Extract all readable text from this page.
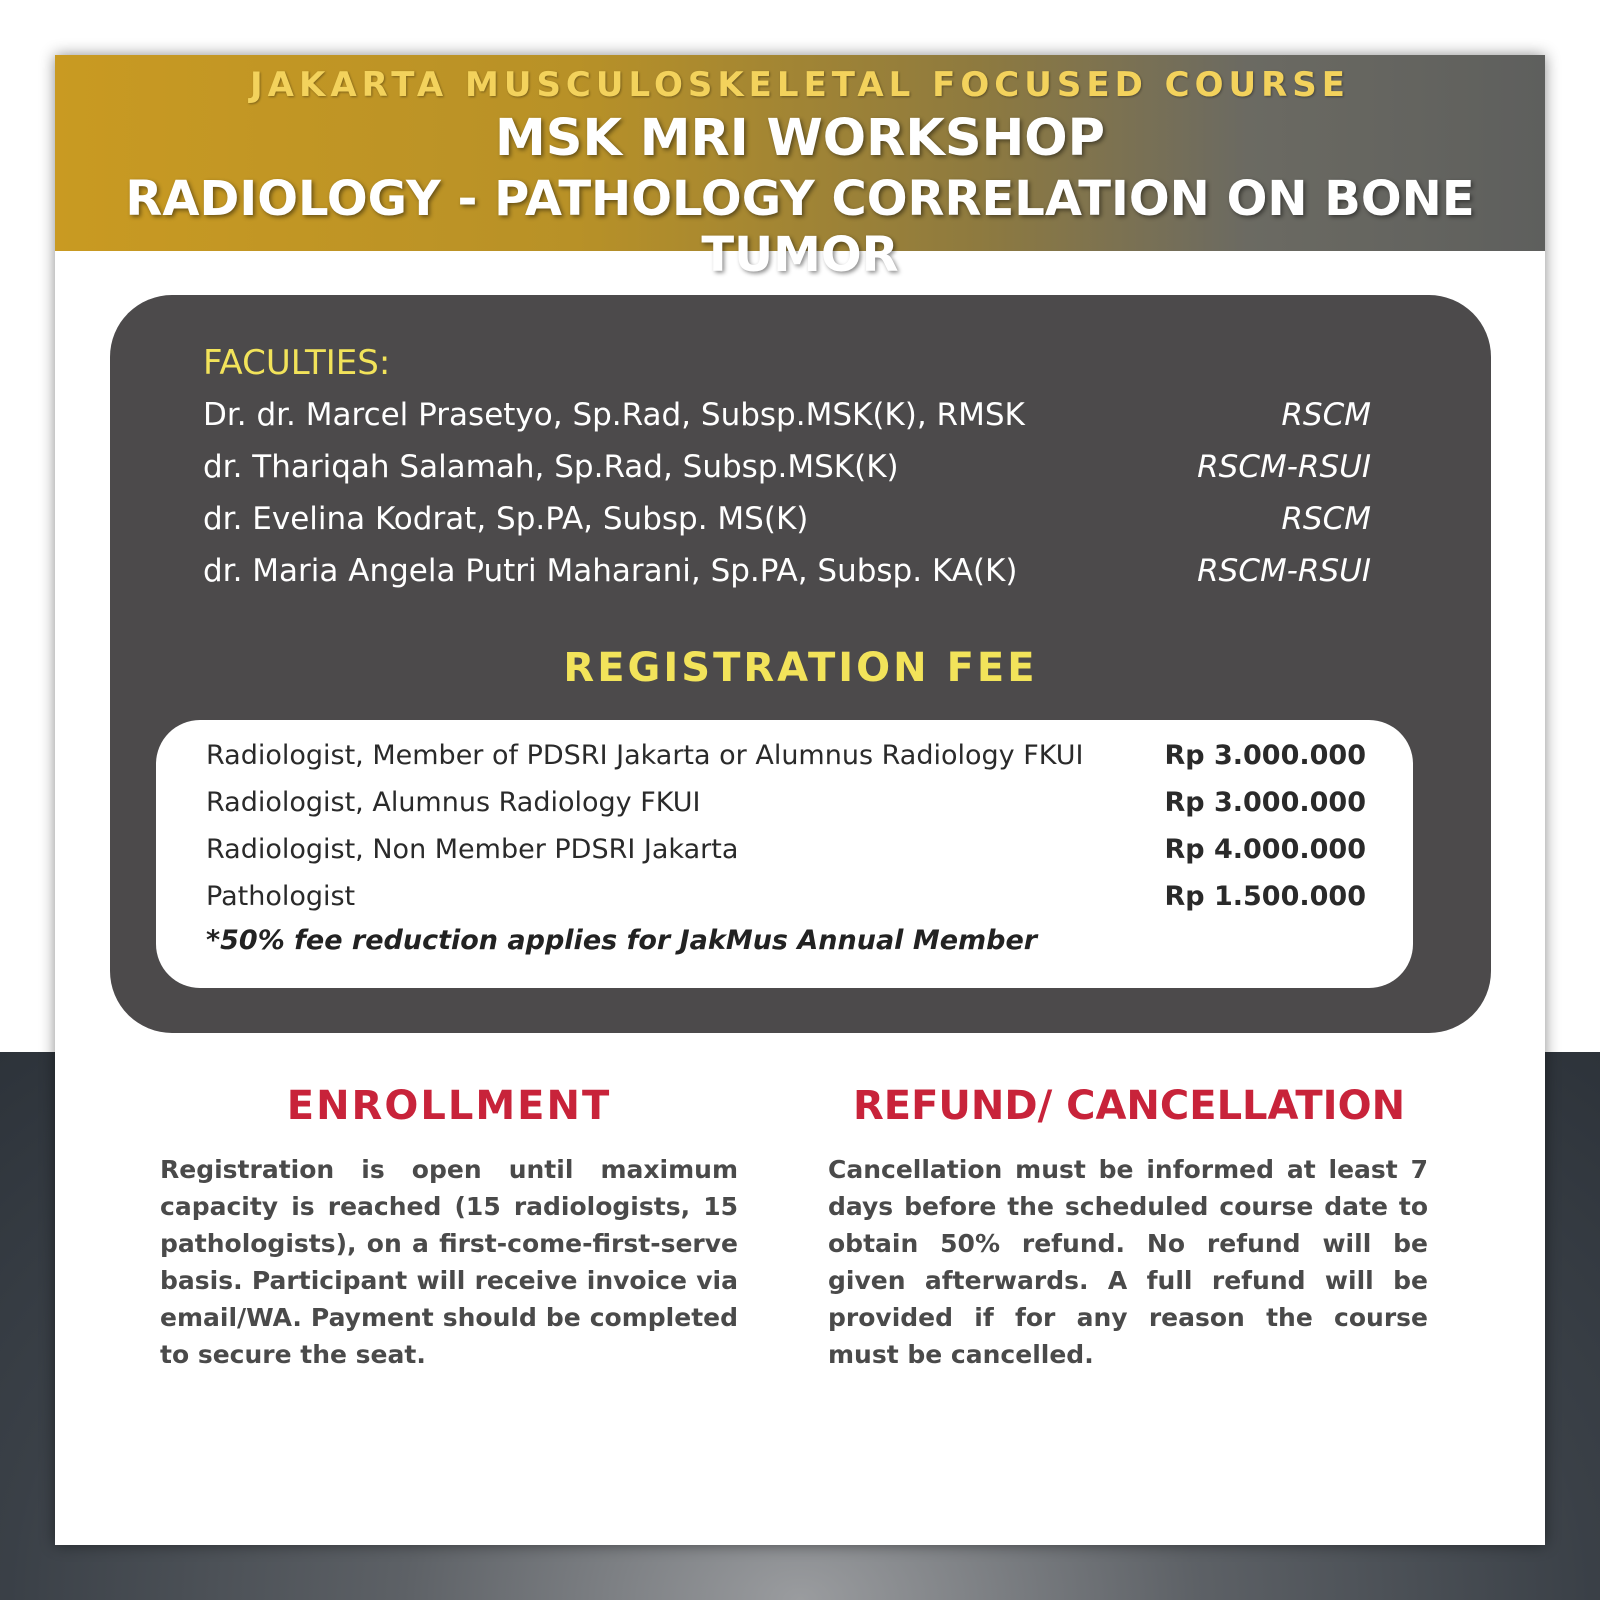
JAKARTA MUSCULOSKELETAL FOCUSED COURSE
MSK MRI WORKSHOP
RADIOLOGY - PATHOLOGY CORRELATION ON BONE TUMOR
FACULTIES:
Dr. dr. Marcel Prasetyo, Sp.Rad, Subsp.MSK(K), RMSK	RSCM
dr. Thariqah Salamah, Sp.Rad, Subsp.MSK(K)	RSCM-RSUI
dr. Evelina Kodrat, Sp.PA, Subsp. MS(K)	RSCM
dr. Maria Angela Putri Maharani, Sp.PA, Subsp. KA(K)	RSCM-RSUI
REGISTRATION FEE
Radiologist, Member of PDSRI Jakarta or Alumnus Radiology FKUI	Rp 3.000.000
Radiologist, Alumnus Radiology FKUI	Rp 3.000.000
Radiologist, Non Member PDSRI Jakarta	Rp 4.000.000
Pathologist	Rp 1.500.000
*50% fee reduction applies for JakMus Annual Member
ENROLLMENT
Registration is open until maximum capacity is reached (15 radiologists, 15 pathologists), on a first-come-first-serve basis. Participant will receive invoice via email/WA. Payment should be completed to secure the seat.
REFUND/ CANCELLATION
Cancellation must be informed at least 7 days before the scheduled course date to obtain 50% refund. No refund will be given afterwards. A full refund will be provided if for any reason the course must be cancelled.
